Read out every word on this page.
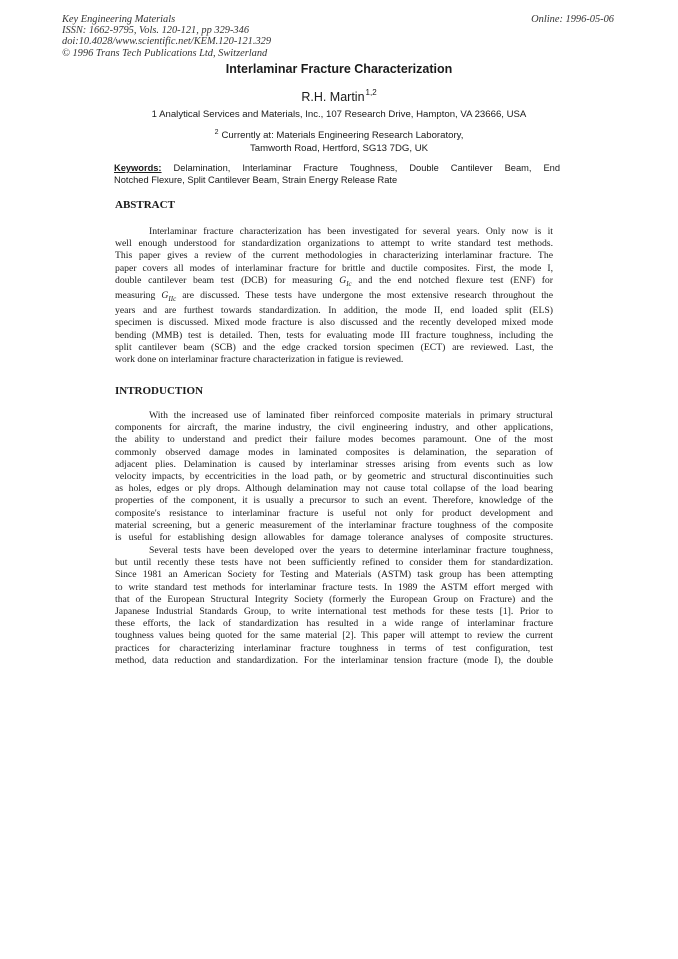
Key Engineering Materials
ISSN: 1662-9795, Vols. 120-121, pp 329-346
doi:10.4028/www.scientific.net/KEM.120-121.329
© 1996 Trans Tech Publications Ltd, Switzerland
Online: 1996-05-06
Interlaminar Fracture Characterization
R.H. Martin$^{1,2}$
1 Analytical Services and Materials, Inc., 107 Research Drive, Hampton, VA 23666, USA
$^2$ Currently at: Materials Engineering Research Laboratory,
Tamworth Road, Hertford, SG13 7DG, UK
Keywords: Delamination, Interlaminar Fracture Toughness, Double Cantilever Beam, End
Notched Flexure, Split Cantilever Beam, Strain Energy Release Rate
ABSTRACT
Interlaminar fracture characterization has been investigated for several years. Only now is it
well enough understood for standardization organizations to attempt to write standard test methods.
This paper gives a review of the current methodologies in characterizing interlaminar fracture. The
paper covers all modes of interlaminar fracture for brittle and ductile composites. First, the mode I,
double cantilever beam test (DCB) for measuring $G_{Ic}$ and the end notched flexure test (ENF) for
measuring $G_{IIc}$ are discussed. These tests have undergone the most extensive research throughout the
years and are furthest towards standardization. In addition, the mode II, end loaded split (ELS)
specimen is discussed. Mixed mode fracture is also discussed and the recently developed mixed mode
bending (MMB) test is detailed. Then, tests for evaluating mode III fracture toughness, including the
split cantilever beam (SCB) and the edge cracked torsion specimen (ECT) are reviewed. Last, the
work done on interlaminar fracture characterization in fatigue is reviewed.
INTRODUCTION
With the increased use of laminated fiber reinforced composite materials in primary structural
components for aircraft, the marine industry, the civil engineering industry, and other applications,
the ability to understand and predict their failure modes becomes paramount. One of the most
commonly observed damage modes in laminated composites is delamination, the separation of
adjacent plies. Delamination is caused by interlaminar stresses arising from events such as low
velocity impacts, by eccentricities in the load path, or by geometric and structural discontinuities such
as holes, edges or ply drops. Although delamination may not cause total collapse of the load bearing
properties of the component, it is usually a precursor to such an event. Therefore, knowledge of the
composite's resistance to interlaminar fracture is useful not only for product development and
material screening, but a generic measurement of the interlaminar fracture toughness of the composite
is useful for establishing design allowables for damage tolerance analyses of composite structures.
Several tests have been developed over the years to determine interlaminar fracture toughness,
but until recently these tests have not been sufficiently refined to consider them for standardization.
Since 1981 an American Society for Testing and Materials (ASTM) task group has been attempting
to write standard test methods for interlaminar fracture tests. In 1989 the ASTM effort merged with
that of the European Structural Integrity Society (formerly the European Group on Fracture) and the
Japanese Industrial Standards Group, to write international test methods for these tests [1]. Prior to
these efforts, the lack of standardization has resulted in a wide range of interlaminar fracture
toughness values being quoted for the same material [2]. This paper will attempt to review the current
practices for characterizing interlaminar fracture toughness in terms of test configuration, test
method, data reduction and standardization. For the interlaminar tension fracture (mode I), the double
